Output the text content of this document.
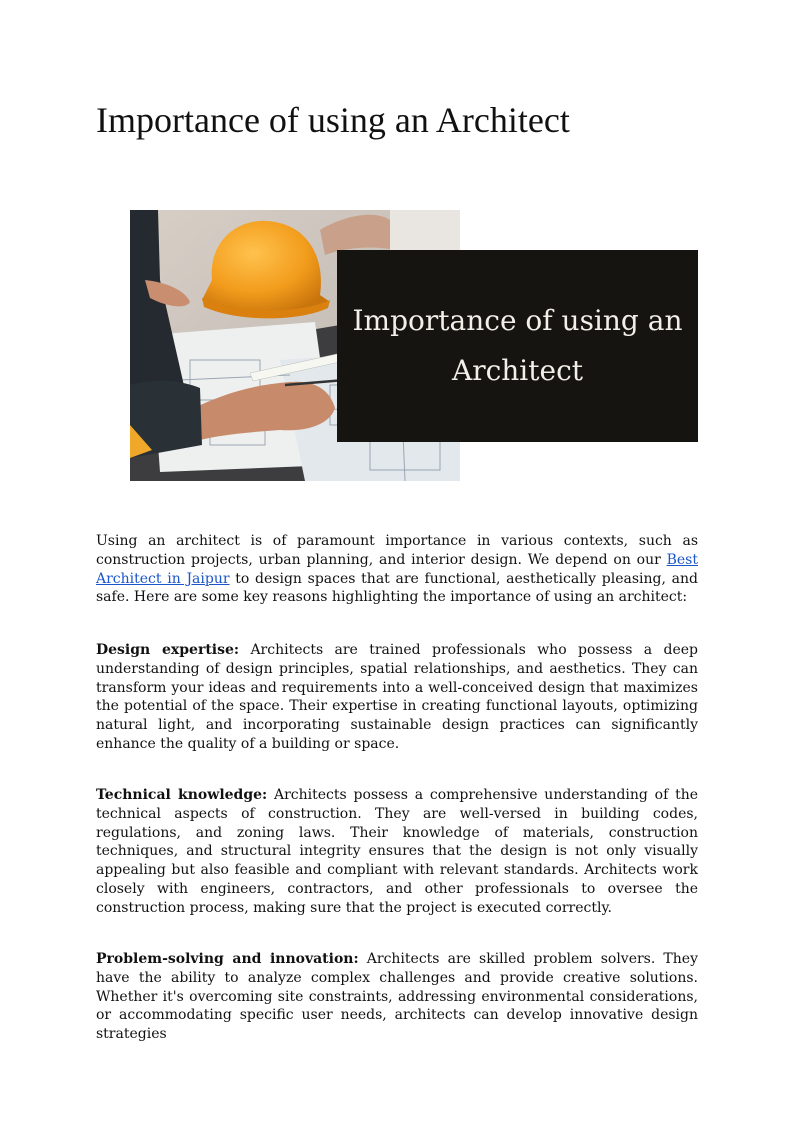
Importance of using an Architect
Importance of using an
Architect

Using an architect is of paramount importance in various contexts, such as construction projects, urban planning, and interior design. We depend on our Best Architect in Jaipur to design spaces that are functional, aesthetically pleasing, and safe. Here are some key reasons highlighting the importance of using an architect:

Design expertise: Architects are trained professionals who possess a deep understanding of design principles, spatial relationships, and aesthetics. They can transform your ideas and requirements into a well-conceived design that maximizes the potential of the space. Their expertise in creating functional layouts, optimizing natural light, and incorporating sustainable design practices can significantly enhance the quality of a building or space.

Technical knowledge: Architects possess a comprehensive understanding of the technical aspects of construction. They are well-versed in building codes, regulations, and zoning laws. Their knowledge of materials, construction techniques, and structural integrity ensures that the design is not only visually appealing but also feasible and compliant with relevant standards. Architects work closely with engineers, contractors, and other professionals to oversee the construction process, making sure that the project is executed correctly.

Problem-solving and innovation: Architects are skilled problem solvers. They have the ability to analyze complex challenges and provide creative solutions. Whether it's overcoming site constraints, addressing environmental considerations, or accommodating specific user needs, architects can develop innovative design strategies
